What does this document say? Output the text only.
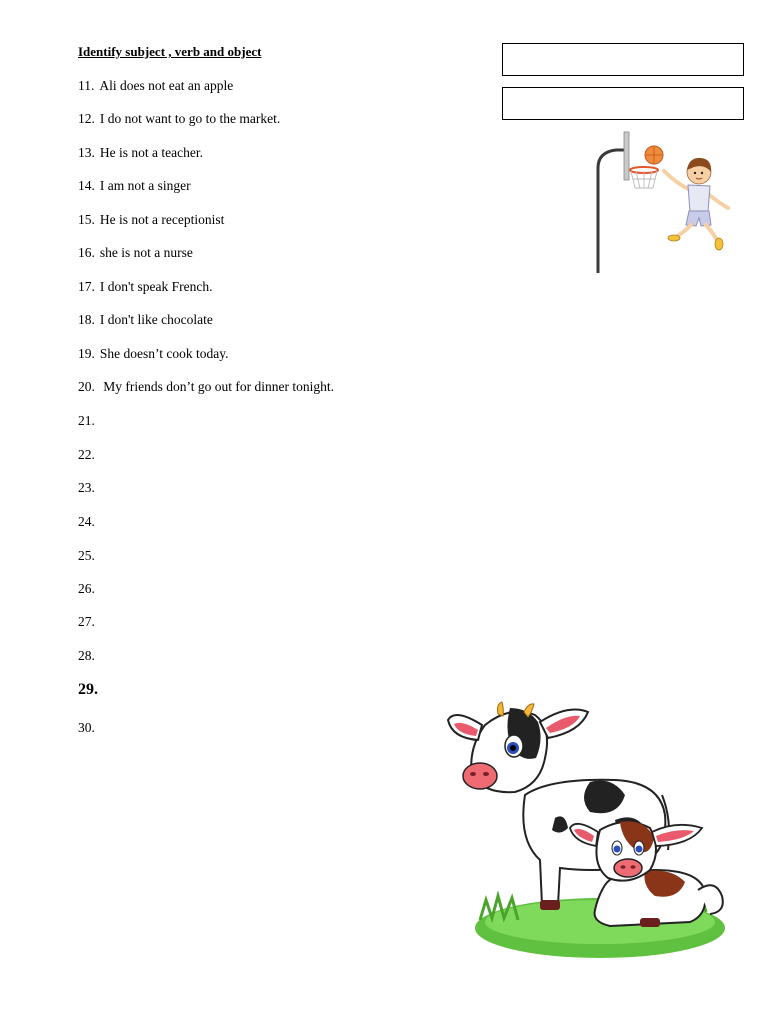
Identify subject , verb and object
11. Ali does not eat an apple
12. I do not want to go to the market.
13. He is not a teacher.
14. I am not a singer
15. He is not a receptionist
16. she is not a nurse
17. I don't speak French.
18. I don't like chocolate
19. She doesn’t cook today.
20. My friends don’t go out for dinner tonight.
21.
22.
23.
24.
25.
26.
27.
28.
29.
30.
